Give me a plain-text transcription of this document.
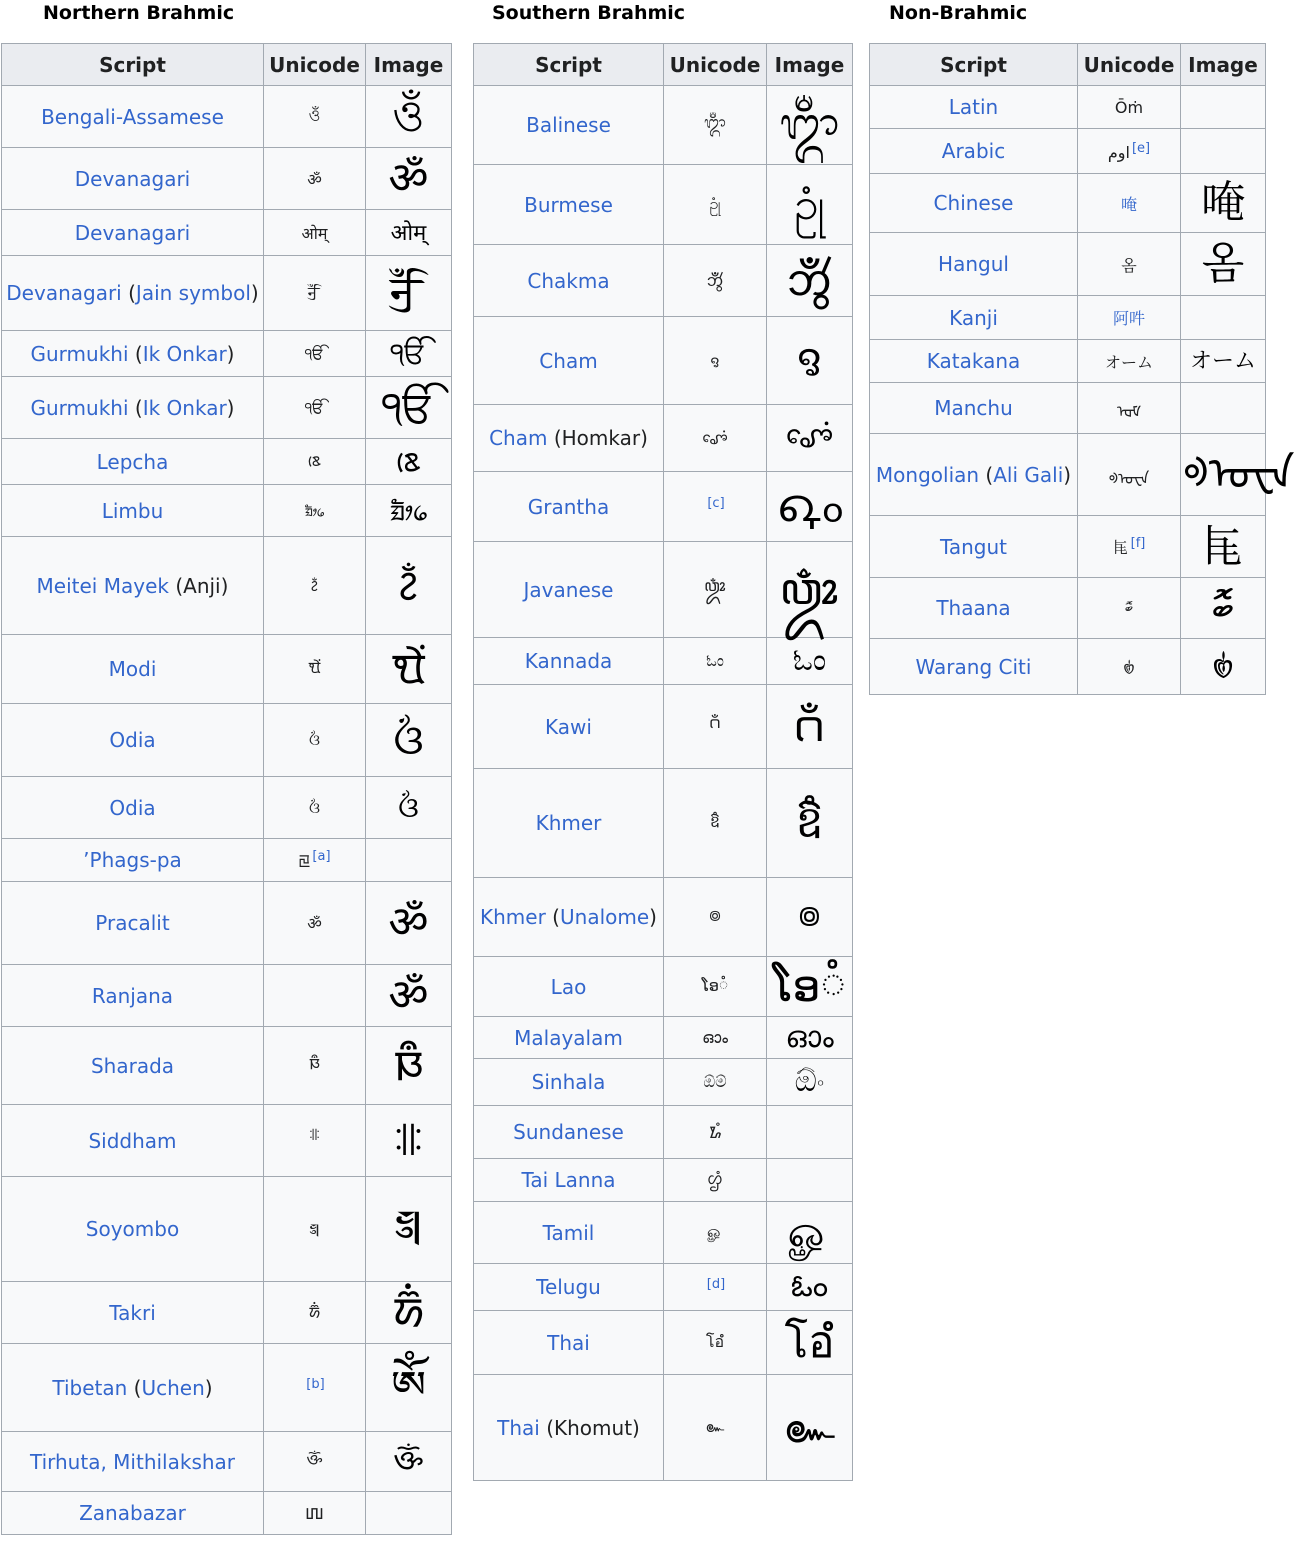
Northern Brahmic
Script	Unicode	Image
Bengali-Assamese	ওঁ	ওঁ
Devanagari	ॐ	ॐ
Devanagari	ओम्	ओम्
Devanagari (Jain symbol)	ꣽ	ꣽ
Gurmukhi (Ik Onkar)	ੴ	ੴ
Gurmukhi (Ik Onkar)	ੴ	ੴ
Lepcha	ᰣᰨ	ᰣᰨ
Limbu	ᤀᤥ᥀	ᤀᤥ᥀
Meitei Mayek (Anji)	ꫲ	ꫲ
Modi	𑘌𑘽	𑘌𑘽
Odia	ଓଁ	ଓଁ
Odia	ଓଁ	ଓଁ
’Phags-pa	ꡙ [a]	
Pracalit	ॐ	ॐ
Ranjana		ॐ
Sharada	𑇄	𑇄
Siddham	𑗉	𑗉
Soyombo	𑩐	𑩐
Takri	𑚈𑚫	𑚈𑚫
Tibetan (Uchen)	[b]	ༀ
Tirhuta, Mithilakshar	𑓇	𑓇
Zanabazar	𑨀	
Southern Brahmic
Script	Unicode	Image
Balinese	ᬒᬁ	ᬒᬁ
Burmese	ဥုံ	ဥုံ
Chakma	𑄃𑄮𑄀	𑄃𑄮𑄀
Cham	ꨅ	ꨅ
Cham (Homkar)	ꨨꨯꩌ	ꨨꨯꩌ
Grantha	[c]	𑌓𑌂
Javanese	ꦎꦴꦀ	ꦎꦴꦀ
Kannada	ಓಂ	ಓಂ
Kawi	𑼔𑼀	𑼔𑼀
Khmer	ឱំ	ឱំ
Khmer (Unalome)	៙	៙
Lao	ໂອំ	ໂອំ
Malayalam	ഓം	ഓം
Sinhala	ඕම්	ඕං
Sundanese	ᮇᮀ	
Tai Lanna	ᩌᩴ	
Tamil	ௐ	ௐ
Telugu	[d]	ఓం
Thai	โอํ	โอํ
Thai (Khomut)	๛	๛
Non-Brahmic
Script	Unicode	Image
Latin	Ōṁ	
Arabic	اوم [e]	
Chinese	唵	唵
Hangul	옴	옴
Kanji	阿吽	
Katakana	オーム	オーム
Manchu	ᡆᠮ	
Mongolian (Ali Gali)	ᢀᠣᠸᠠ	ᢀᠣᠸᠠ
Tangut	𗹭 [f]	𗹭
Thaana	ބޮ	ބޮ
Warang Citi	𑣿	𑣿
